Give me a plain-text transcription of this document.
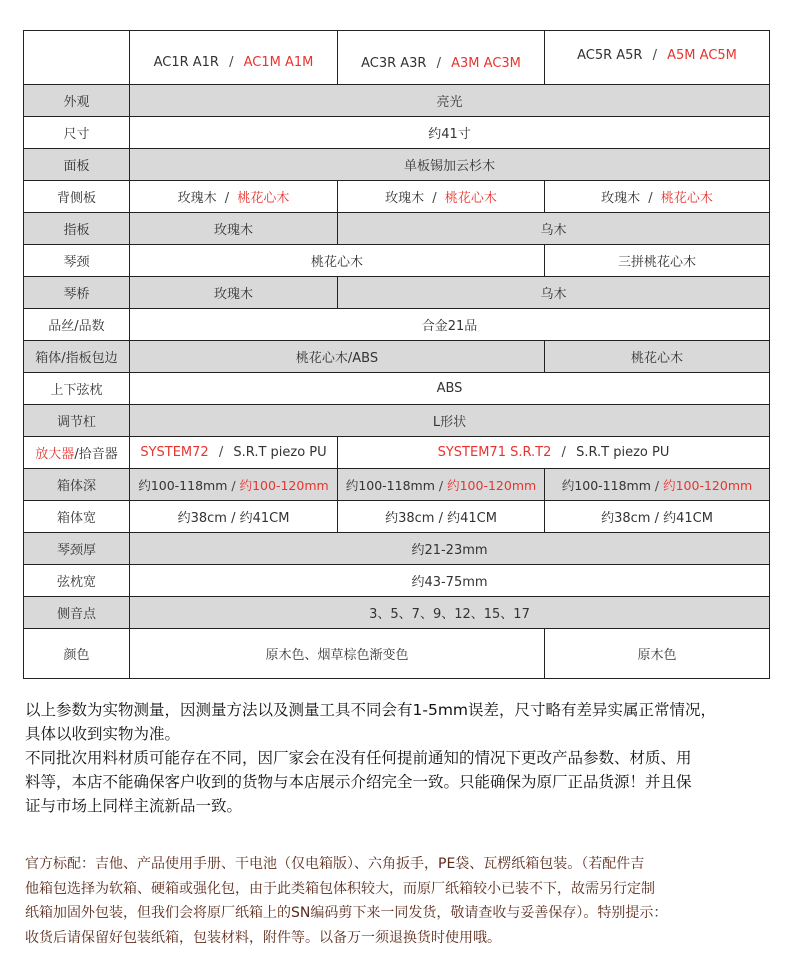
	AC1R A1R / AC1M A1M	AC3R A3R / A3M AC3M	AC5R A5R / A5M AC5M
外观	亮光		
尺寸	约41寸		
面板	单板锡加云杉木		
背侧板	玫瑰木 / 桃花心木	玫瑰木 / 桃花心木	玫瑰木 / 桃花心木
指板	玫瑰木	乌木	
琴颈	桃花心木		三拼桃花心木
琴桥	玫瑰木	乌木	
品丝/品数	合金21品		
箱体/指板包边	桃花心木/ABS		桃花心木
上下弦枕	ABS		
调节杠	L形状		
放大器/拾音器	SYSTEM72 / S.R.T piezo PU	SYSTEM71 S.R.T2 / S.R.T piezo PU	
箱体深	约100-118mm / 约100-120mm	约100-118mm / 约100-120mm	约100-118mm / 约100-120mm
箱体宽	约38cm / 约41CM	约38cm / 约41CM	约38cm / 约41CM
琴颈厚	约21-23mm		
弦枕宽	约43-75mm		
侧音点	3、5、7、9、12、15、17		
颜色	原木色、烟草棕色渐变色		原木色

以上参数为实物测量，因测量方法以及测量工具不同会有1-5mm误差，尺寸略有差异实属正常情况，

具体以收到实物为准。

不同批次用料材质可能存在不同，因厂家会在没有任何提前通知的情况下更改产品参数、材质、用

料等，本店不能确保客户收到的货物与本店展示介绍完全一致。只能确保为原厂正品货源！并且保

证与市场上同样主流新品一致。

官方标配：吉他、产品使用手册、干电池（仅电箱版）、六角扳手，PE袋、瓦楞纸箱包装。（若配件吉

他箱包选择为软箱、硬箱或强化包，由于此类箱包体积较大，而原厂纸箱较小已装不下，故需另行定制

纸箱加固外包装，但我们会将原厂纸箱上的SN编码剪下来一同发货，敬请查收与妥善保存）。特别提示：

收货后请保留好包装纸箱，包装材料，附件等。以备万一须退换货时使用哦。
